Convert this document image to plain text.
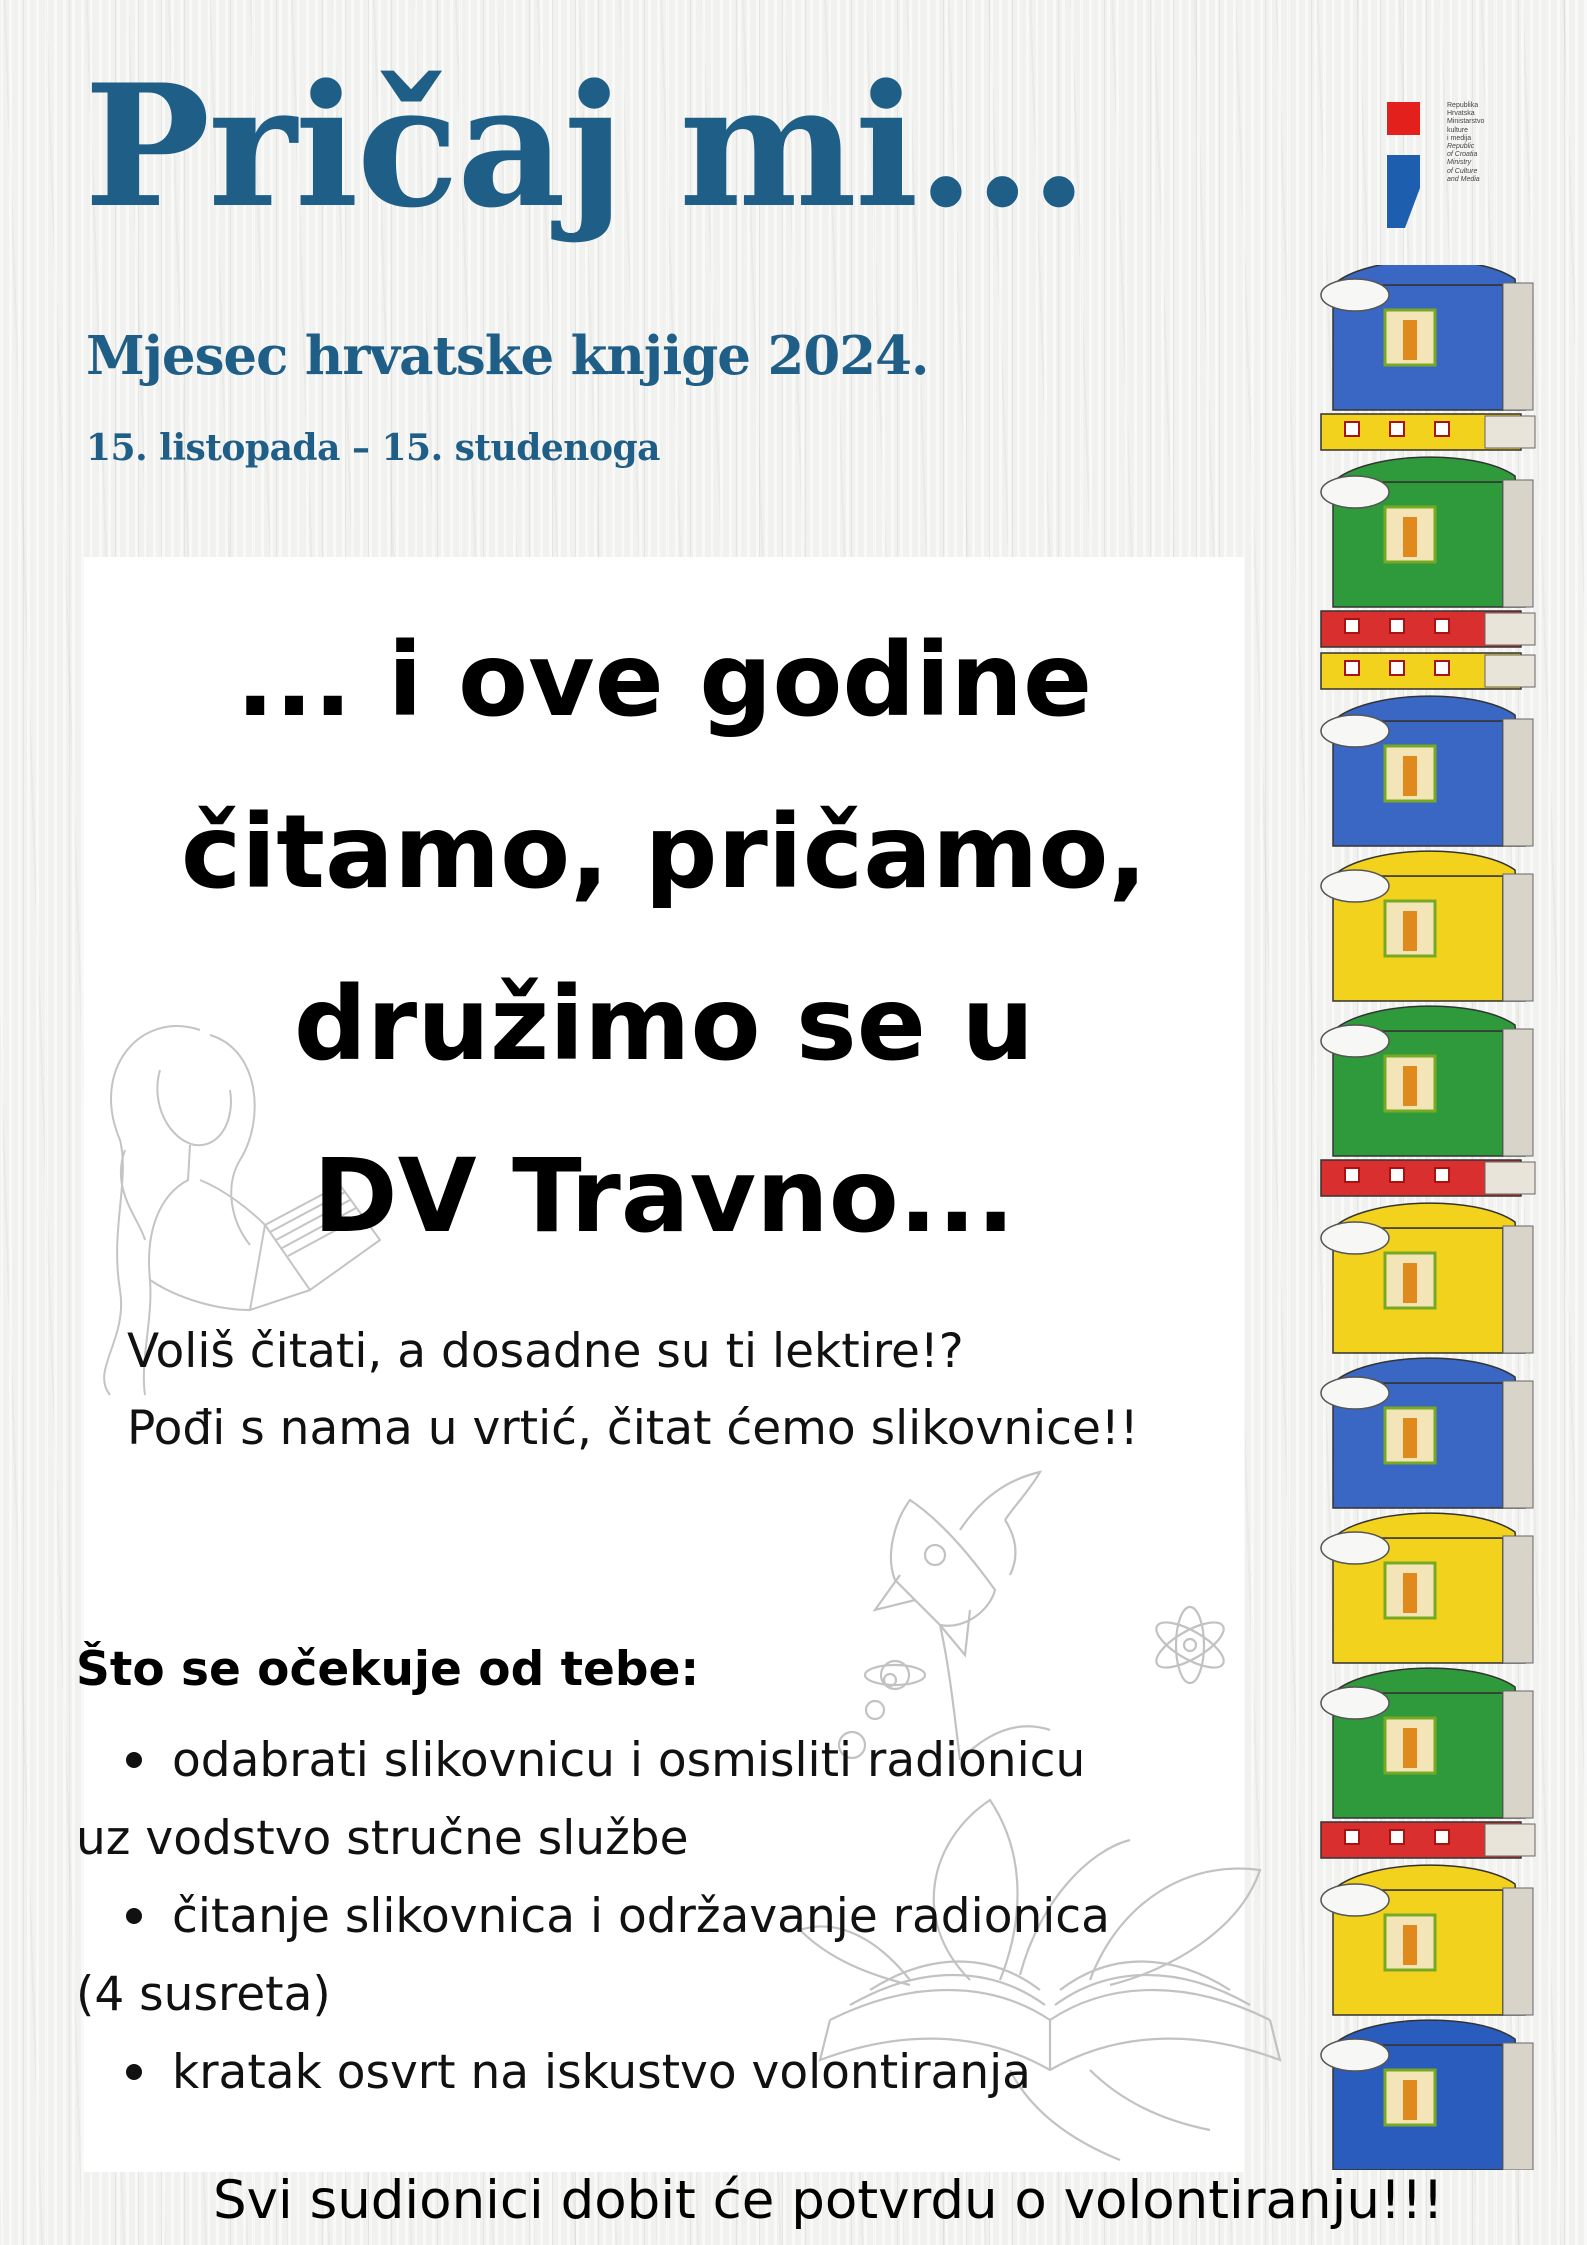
Pričaj mi...
Mjesec hrvatske knjige 2024.
15. listopada – 15. studenoga
Republika
Hrvatska
Ministarstvo
kulture
i medija
Republic
of Croatia
Ministry
of Culture
and Media
... i ove godine
čitamo, pričamo,
družimo se u
DV Travno...
Voliš čitati, a dosadne su ti lektire!?
Pođi s nama u vrtić, čitat ćemo slikovnice!!
Što se očekuje od tebe:
odabrati slikovnicu i osmisliti radionicu
uz vodstvo stručne službe
čitanje slikovnica i održavanje radionica
(4 susreta)
kratak osvrt na iskustvo volontiranja
Svi sudionici dobit će potvrdu o volontiranju!!!
